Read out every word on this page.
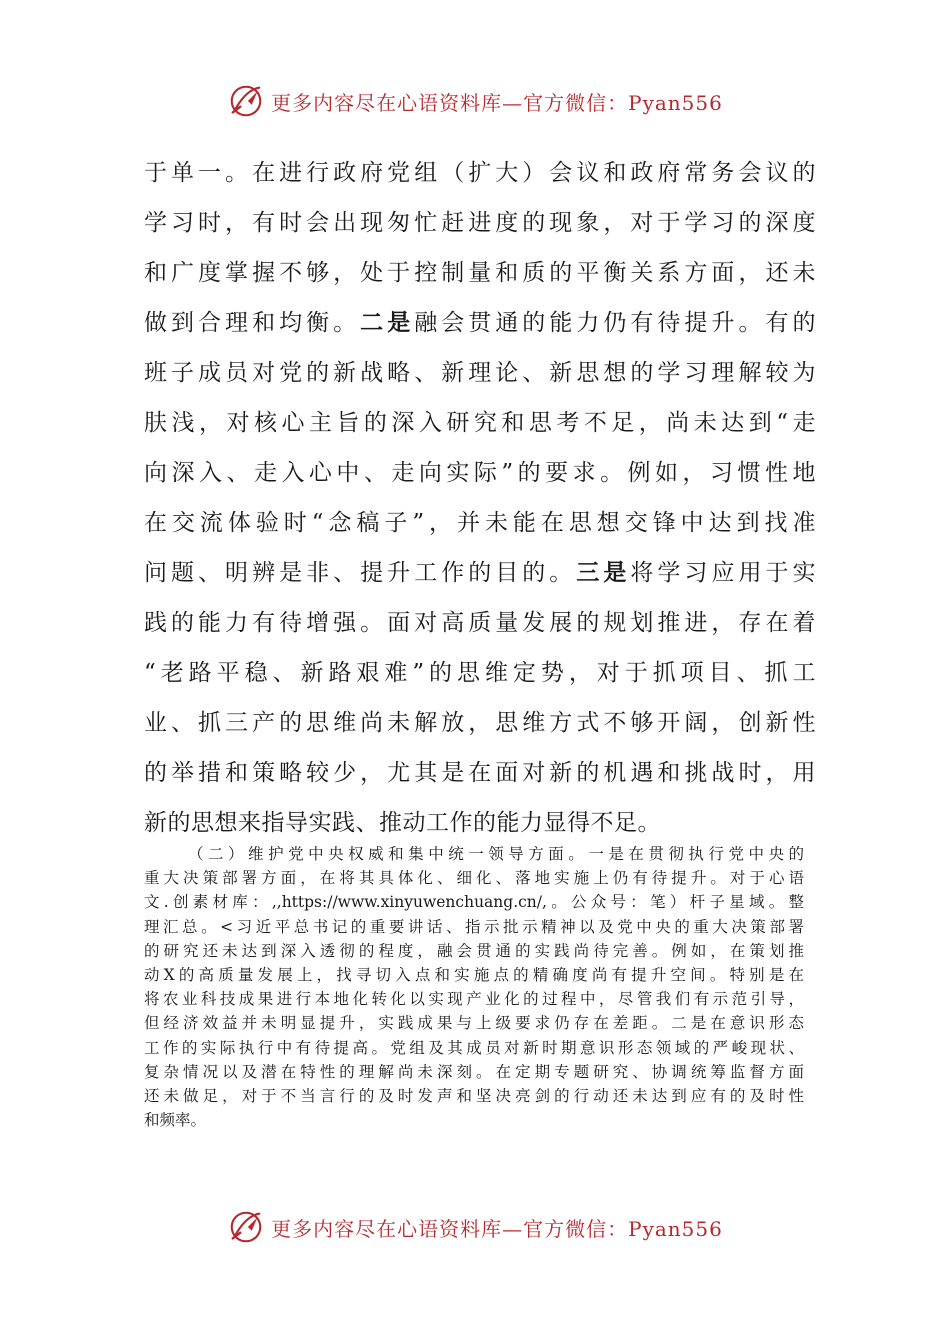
更多内容尽在心语资料库—官方微信：Pyan556
于单一。在进行政府党组（扩大）会议和政府常务会议的
学习时，有时会出现匆忙赶进度的现象，对于学习的深度
和广度掌握不够，处于控制量和质的平衡关系方面，还未
做到合理和均衡。二是融会贯通的能力仍有待提升。有的
班子成员对党的新战略、新理论、新思想的学习理解较为
肤浅，对核心主旨的深入研究和思考不足，尚未达到“走
向深入、走入心中、走向实际”的要求。例如，习惯性地
在交流体验时“念稿子”，并未能在思想交锋中达到找准
问题、明辨是非、提升工作的目的。三是将学习应用于实
践的能力有待增强。面对高质量发展的规划推进，存在着
“老路平稳、新路艰难”的思维定势，对于抓项目、抓工
业、抓三产的思维尚未解放，思维方式不够开阔，创新性
的举措和策略较少，尤其是在面对新的机遇和挑战时，用
新的思想来指导实践、推动工作的能力显得不足。
（二）维护党中央权威和集中统一领导方面。一是在贯彻执行党中央的
重大决策部署方面，在将其具体化、细化、落地实施上仍有待提升。对于心语
文.创素材库：,,https://www.xinyuwenchuang.cn/,。公众号：笔）杆子星域。整
理汇总。<习近平总书记的重要讲话、指示批示精神以及党中央的重大决策部署
的研究还未达到深入透彻的程度，融会贯通的实践尚待完善。例如，在策划推
动X的高质量发展上，找寻切入点和实施点的精确度尚有提升空间。特别是在
将农业科技成果进行本地化转化以实现产业化的过程中，尽管我们有示范引导，
但经济效益并未明显提升，实践成果与上级要求仍存在差距。二是在意识形态
工作的实际执行中有待提高。党组及其成员对新时期意识形态领域的严峻现状、
复杂情况以及潜在特性的理解尚未深刻。在定期专题研究、协调统筹监督方面
还未做足，对于不当言行的及时发声和坚决亮剑的行动还未达到应有的及时性
和频率。
更多内容尽在心语资料库—官方微信：Pyan556
